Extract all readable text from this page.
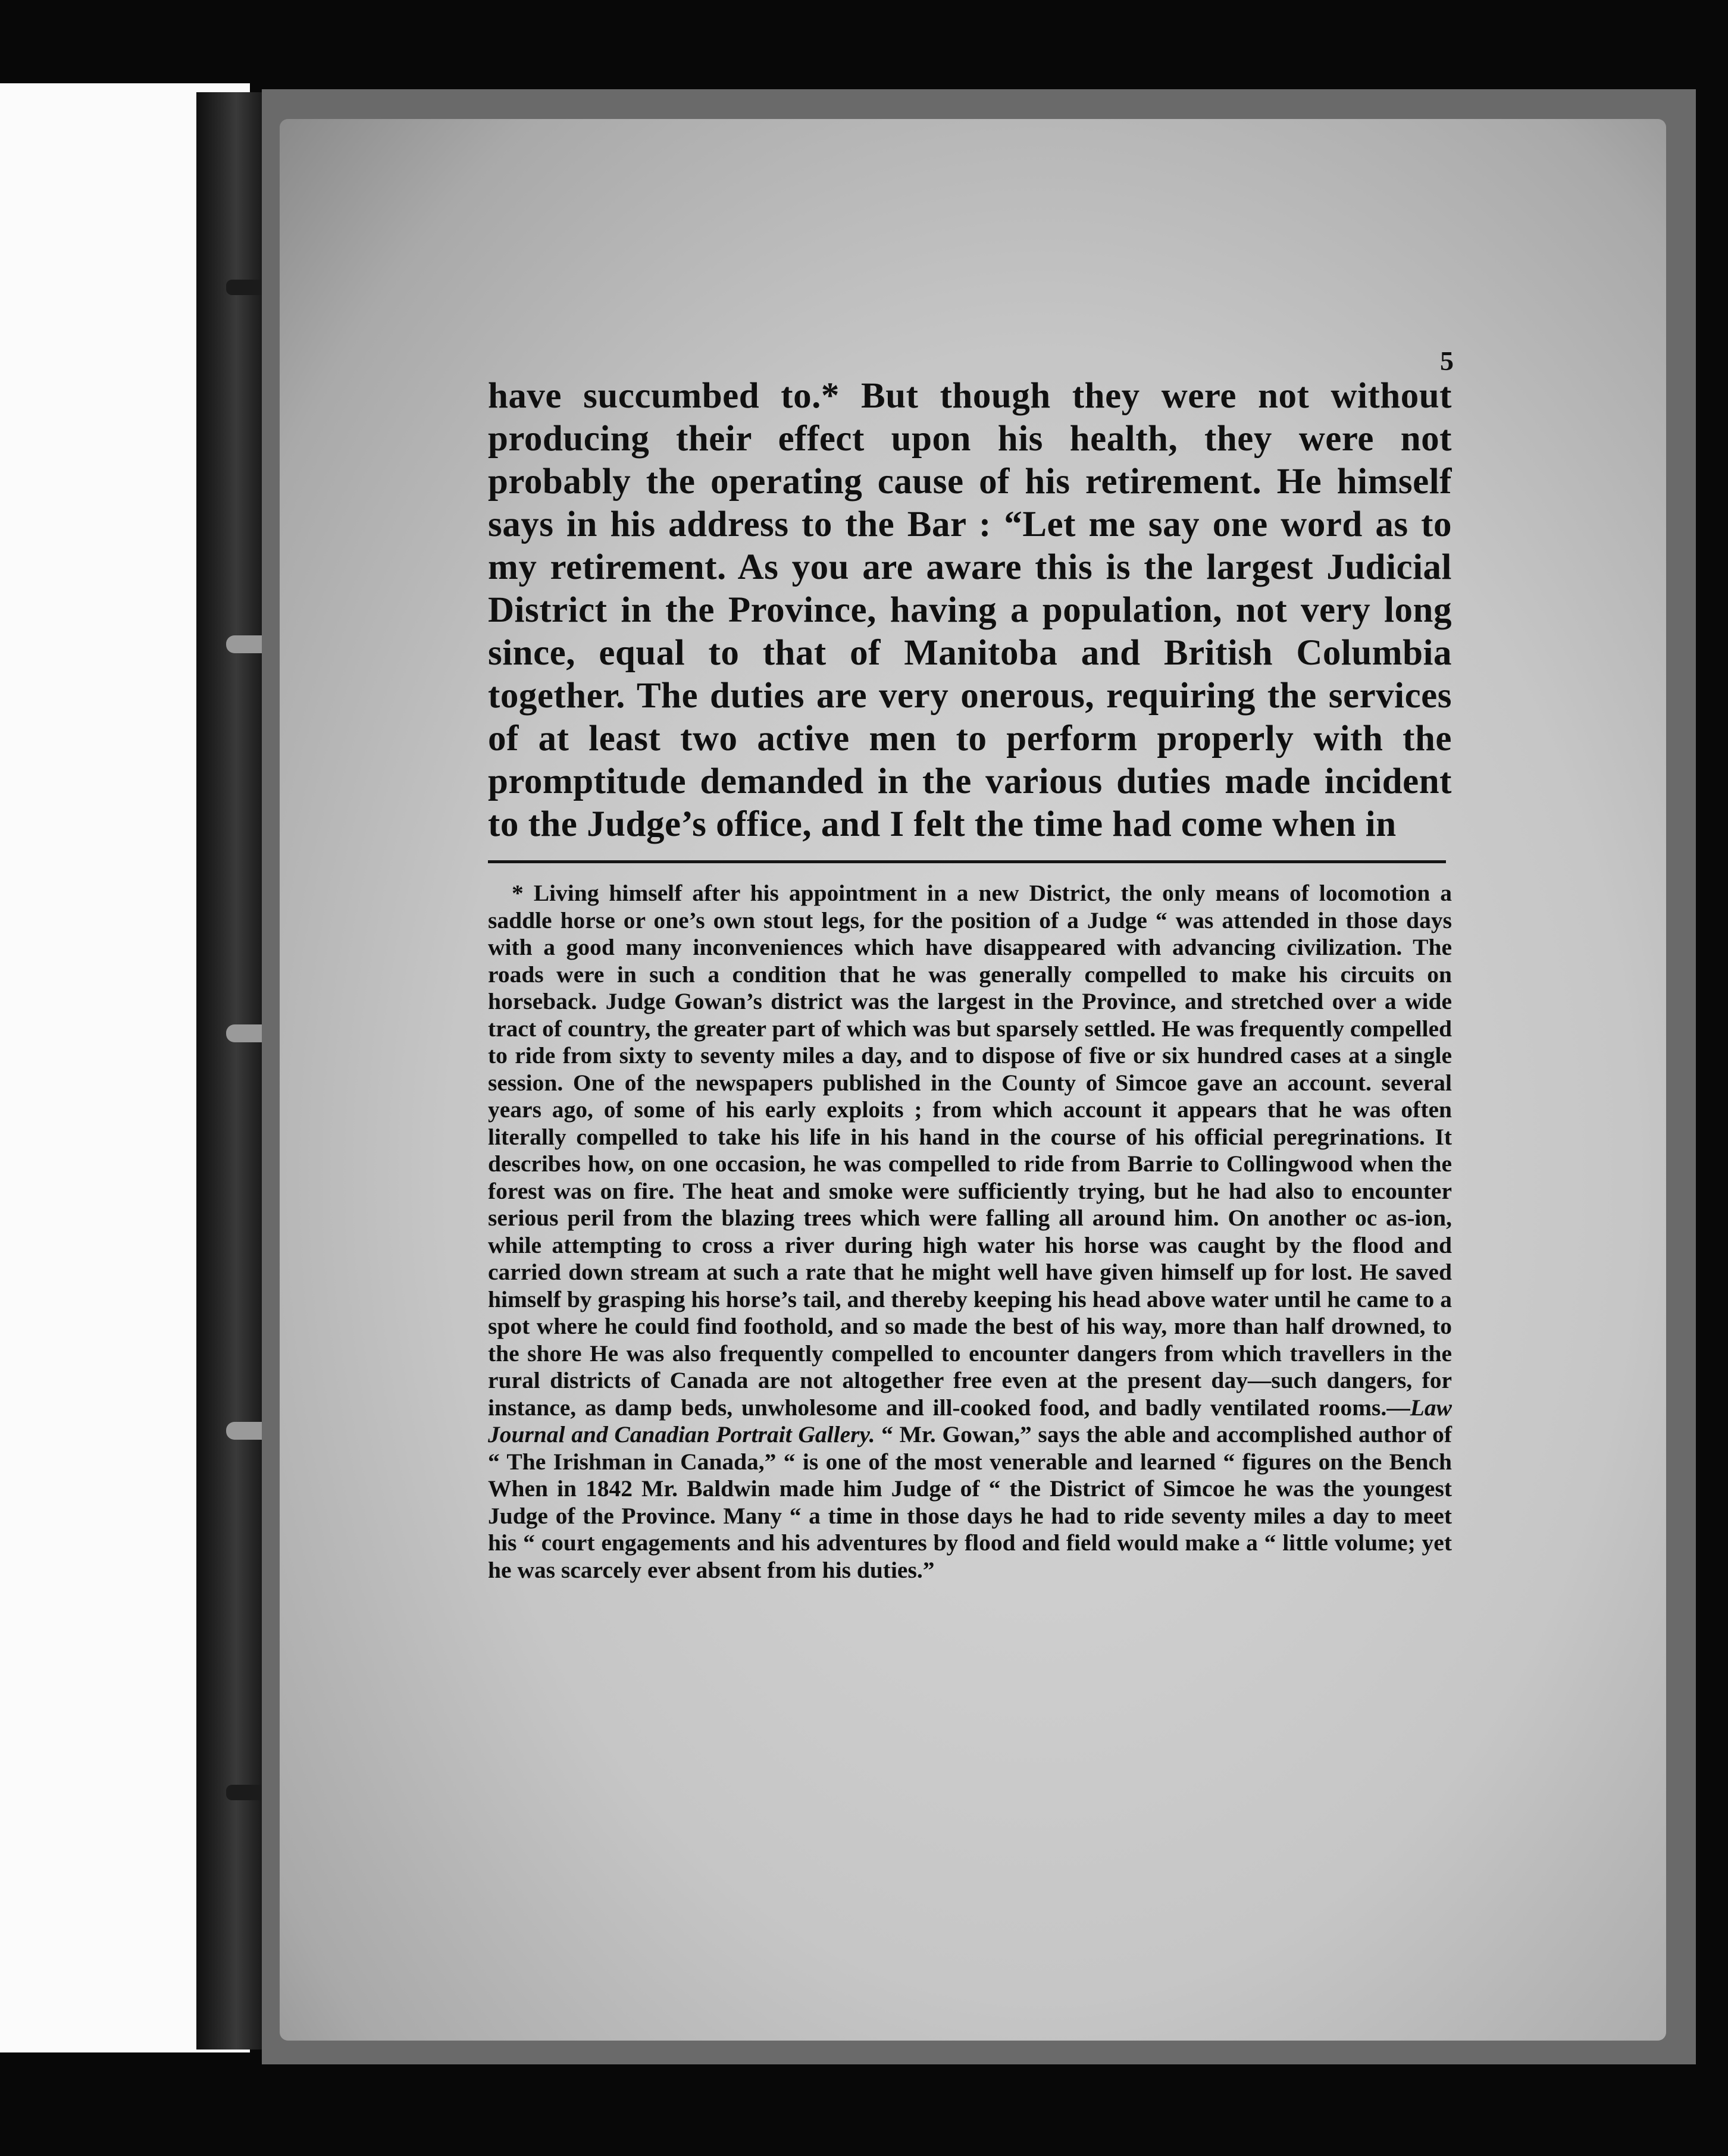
5

have succumbed to.* But though they were not without producing their effect upon his health, they were not probably the operating cause of his retirement. He himself says in his address to the Bar : “Let me say one word as to my retirement. As you are aware this is the largest Judicial District in the Province, having a population, not very long since, equal to that of Manitoba and British Columbia together. The duties are very onerous, requiring the services of at least two active men to perform properly with the promptitude demanded in the various duties made incident to the Judge’s office, and I felt the time had come when in

* Living himself after his appointment in a new District, the only means of locomotion a saddle horse or one’s own stout legs, for the position of a Judge “ was attended in those days with a good many inconveniences which have disappeared with advancing civilization. The roads were in such a condition that he was generally compelled to make his circuits on horseback. Judge Gowan’s district was the largest in the Province, and stretched over a wide tract of country, the greater part of which was but sparsely settled. He was frequently compelled to ride from sixty to seventy miles a day, and to dispose of five or six hundred cases at a single session. One of the newspapers published in the County of Simcoe gave an account. several years ago, of some of his early exploits ; from which account it appears that he was often literally compelled to take his life in his hand in the course of his official peregrinations. It describes how, on one occasion, he was compelled to ride from Barrie to Collingwood when the forest was on fire. The heat and smoke were sufficiently trying, but he had also to encounter serious peril from the blazing trees which were falling all around him. On another oc as-ion, while attempting to cross a river during high water his horse was caught by the flood and carried down stream at such a rate that he might well have given himself up for lost. He saved himself by grasping his horse’s tail, and thereby keeping his head above water until he came to a spot where he could find foothold, and so made the best of his way, more than half drowned, to the shore He was also frequently compelled to encounter dangers from which travellers in the rural districts of Canada are not altogether free even at the present day—such dangers, for instance, as damp beds, unwholesome and ill-cooked food, and badly ventilated rooms.—Law Journal and Canadian Portrait Gallery. “ Mr. Gowan,” says the able and accomplished author of “ The Irishman in Canada,” “ is one of the most venerable and learned “ figures on the Bench When in 1842 Mr. Baldwin made him Judge of “ the District of Simcoe he was the youngest Judge of the Province. Many “ a time in those days he had to ride seventy miles a day to meet his “ court engagements and his adventures by flood and field would make a “ little volume; yet he was scarcely ever absent from his duties.”
